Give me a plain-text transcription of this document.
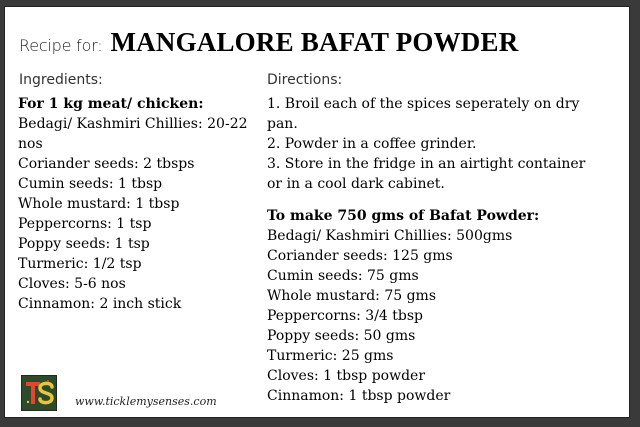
Recipe for: MANGALORE BAFAT POWDER
Ingredients:	Directions:
For 1 kg meat/ chicken:
Bedagi/ Kashmiri Chillies: 20-22 nos
Coriander seeds: 2 tbsps
Cumin seeds: 1 tbsp
Whole mustard: 1 tbsp
Peppercorns: 1 tsp
Poppy seeds: 1 tsp
Turmeric: 1/2 tsp
Cloves: 5-6 nos
Cinnamon: 2 inch stick
1. Broil each of the spices seperately on dry pan.
2. Powder in a coffee grinder.
3. Store in the fridge in an airtight container or in a cool dark cabinet.
To make 750 gms of Bafat Powder:
Bedagi/ Kashmiri Chillies: 500gms
Coriander seeds: 125 gms
Cumin seeds: 75 gms
Whole mustard: 75 gms
Peppercorns: 3/4 tbsp
Poppy seeds: 50 gms
Turmeric: 25 gms
Cloves: 1 tbsp powder
Cinnamon: 1 tbsp powder
www.ticklemysenses.com
